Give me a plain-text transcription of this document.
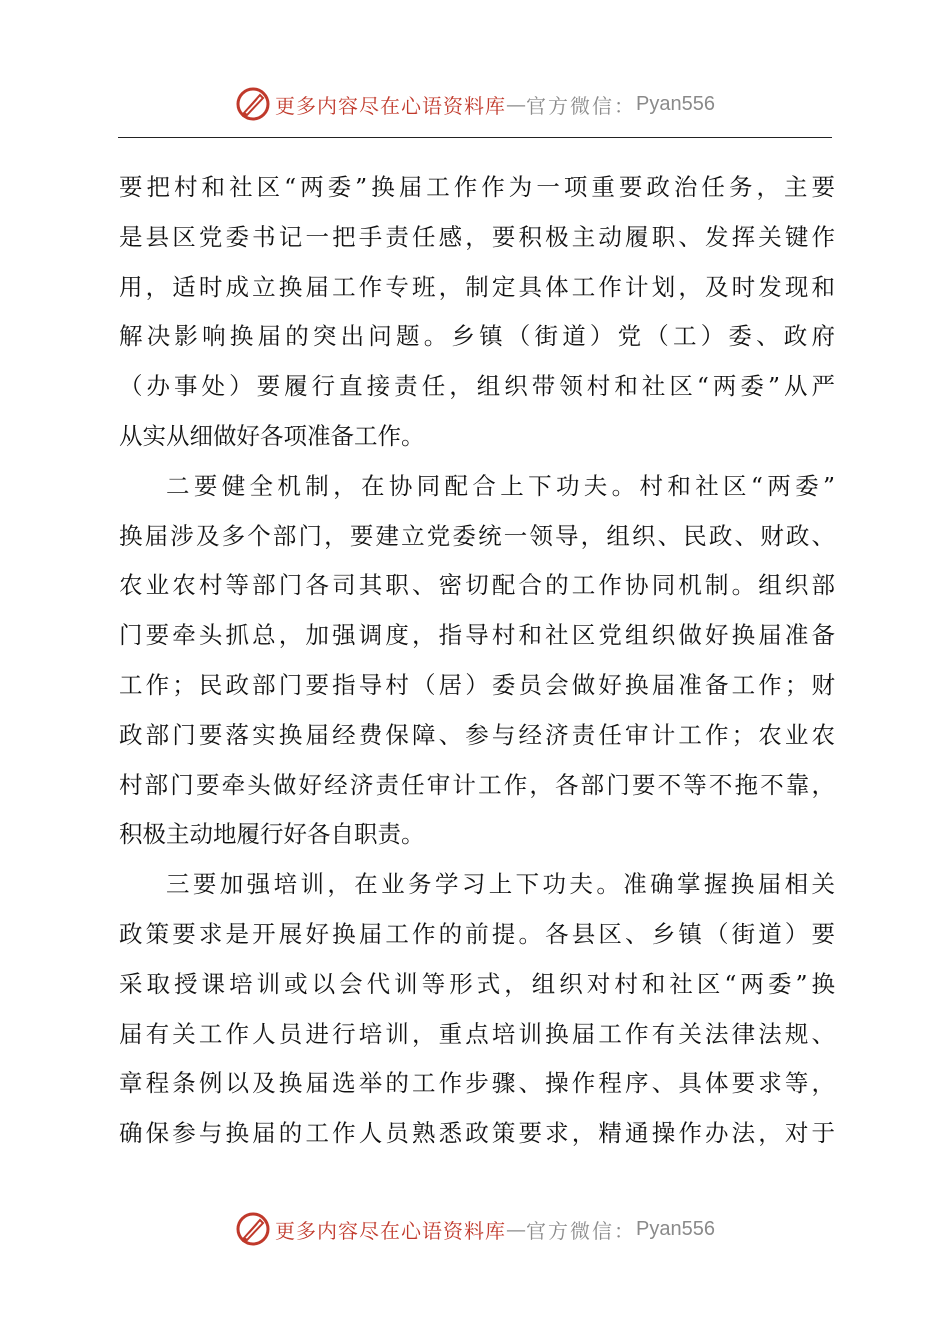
更多内容尽在心语资料库 — 官方微信： Pyan556
要把村和社区“两委”换届工作作为一项重要政治任务，主要
是县区党委书记一把手责任感，要积极主动履职、发挥关键作
用，适时成立换届工作专班，制定具体工作计划，及时发现和
解决影响换届的突出问题。乡镇（街道）党（工）委、政府
（办事处）要履行直接责任，组织带领村和社区“两委”从严
从实从细做好各项准备工作。
二要健全机制，在协同配合上下功夫。村和社区“两委”
换届涉及多个部门，要建立党委统一领导，组织、民政、财政、
农业农村等部门各司其职、密切配合的工作协同机制。组织部
门要牵头抓总，加强调度，指导村和社区党组织做好换届准备
工作；民政部门要指导村（居）委员会做好换届准备工作；财
政部门要落实换届经费保障、参与经济责任审计工作；农业农
村部门要牵头做好经济责任审计工作，各部门要不等不拖不靠，
积极主动地履行好各自职责。
三要加强培训，在业务学习上下功夫。准确掌握换届相关
政策要求是开展好换届工作的前提。各县区、乡镇（街道）要
采取授课培训或以会代训等形式，组织对村和社区“两委”换
届有关工作人员进行培训，重点培训换届工作有关法律法规、
章程条例以及换届选举的工作步骤、操作程序、具体要求等，
确保参与换届的工作人员熟悉政策要求，精通操作办法，对于
更多内容尽在心语资料库 — 官方微信： Pyan556
